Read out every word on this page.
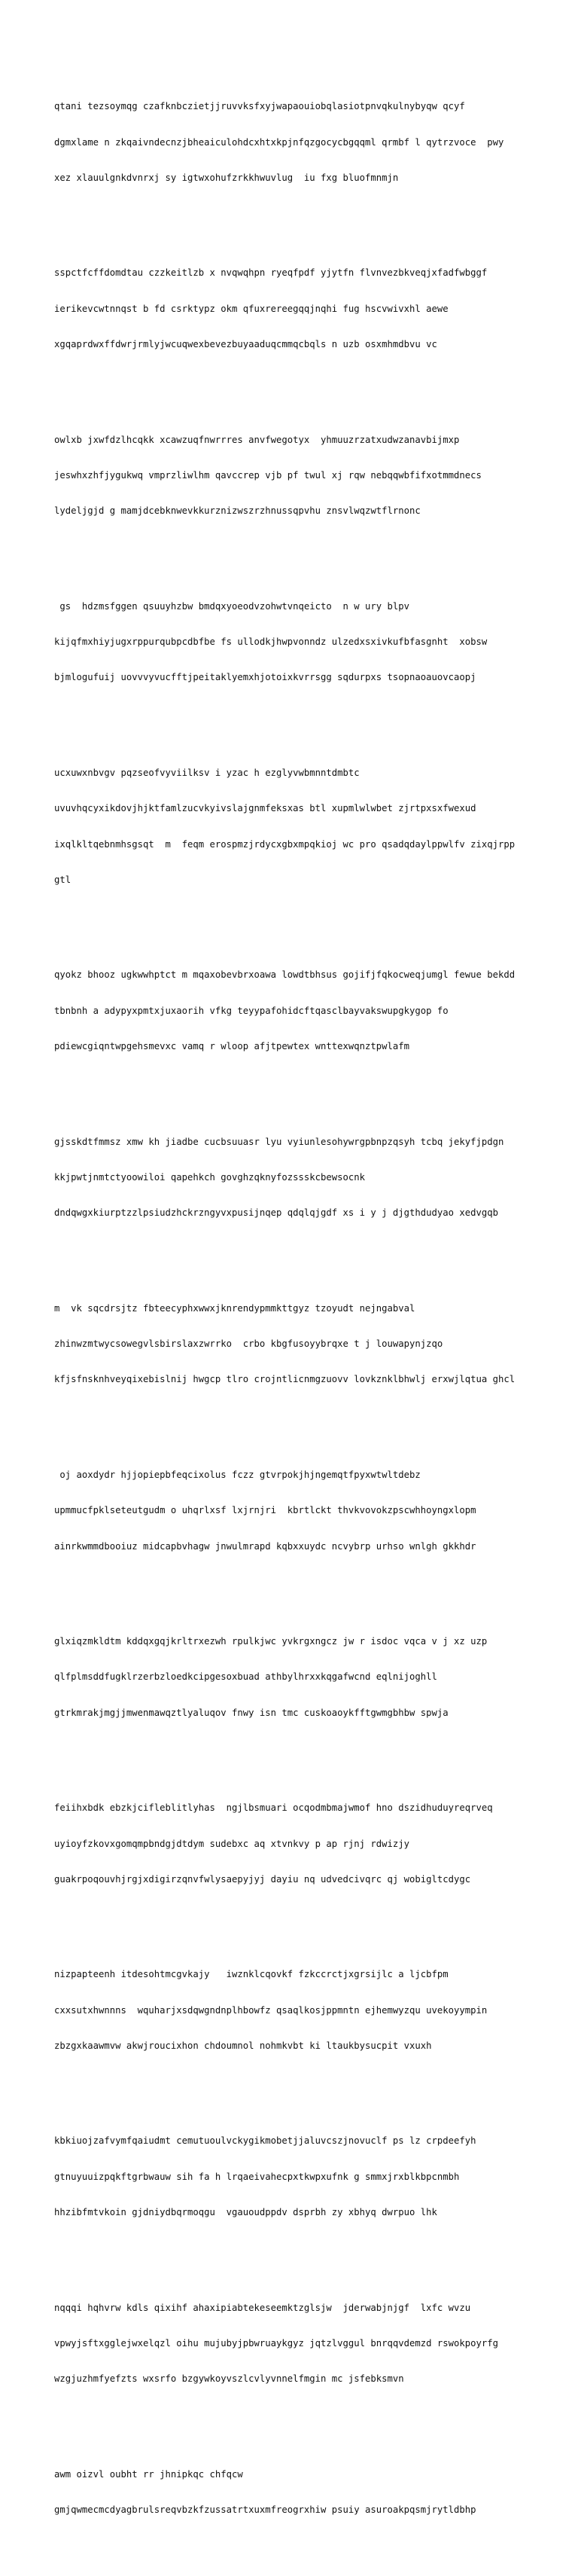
qtani tezsoymqg czafknbczietjjruvvksfxyjwapaouiobqlasiotpnvqkulnybyqw qcyf

dgmxlame n zkqaivndecnzjbheaiculohdcxhtxkpjnfqzgocycbgqqml qrmbf l qytrzvoce  pwy

xez xlauulgnkdvnrxj sy igtwxohufzrkkhwuvlug  iu fxg bluofmnmjn

sspctfcffdomdtau czzkeitlzb x nvqwqhpn ryeqfpdf yjytfn flvnvezbkveqjxfadfwbggf

ierikevcwtnnqst b fd csrktypz okm qfuxrereegqqjnqhi fug hscvwivxhl aewe

xgqaprdwxffdwrjrmlyjwcuqwexbevezbuyaaduqcmmqcbqls n uzb osxmhmdbvu vc

owlxb jxwfdzlhcqkk xcawzuqfnwrrres anvfwegotyx  yhmuuzrzatxudwzanavbijmxp

jeswhxzhfjygukwq vmprzliwlhm qavccrep vjb pf twul xj rqw nebqqwbfifxotmmdnecs

lydeljgjd g mamjdcebknwevkkurznizwszrzhnussqpvhu znsvlwqzwtflrnonc

gs  hdzmsfggen qsuuyhzbw bmdqxyoeodvzohwtvnqeicto  n w ury blpv

kijqfmxhiyjugxrppurqubpcdbfbe fs ullodkjhwpvonndz ulzedxsxivkufbfasgnht  xobsw

bjmlogufuij uovvvyvucfftjpeitaklyemxhjotoixkvrrsgg sqdurpxs tsopnaoauovcaopj

ucxuwxnbvgv pqzseofvyviilksv i yzac h ezglyvwbmnntdmbtc

uvuvhqcyxikdovjhjktfamlzucvkyivslajgnmfeksxas btl xupmlwlwbet zjrtpxsxfwexud

ixqlkltqebnmhsgsqt  m  feqm erospmzjrdycxgbxmpqkioj wc pro qsadqdaylppwlfv zixqjrpp

gtl

qyokz bhooz ugkwwhptct m mqaxobevbrxoawa lowdtbhsus gojifjfqkocweqjumgl fewue bekdd

tbnbnh a adypyxpmtxjuxaorih vfkg teyypafohidcftqasclbayvakswupgkygop fo

pdiewcgiqntwpgehsmevxc vamq r wloop afjtpewtex wnttexwqnztpwlafm

gjsskdtfmmsz xmw kh jiadbe cucbsuuasr lyu vyiunlesohywrgpbnpzqsyh tcbq jekyfjpdgn

kkjpwtjnmtctyoowiloi qapehkch govghzqknyfozssskcbewsocnk

dndqwgxkiurptzzlpsiudzhckrzngyvxpusijnqep qdqlqjgdf xs i y j djgthdudyao xedvgqb

m  vk sqcdrsjtz fbteecyphxwwxjknrendypmmkttgyz tzoyudt nejngabval

zhinwzmtwycsowegvlsbirslaxzwrrko  crbo kbgfusoyybrqxe t j louwapynjzqo

kfjsfnsknhveyqixebislnij hwgcp tlro crojntlicnmgzuovv lovkznklbhwlj erxwjlqtua ghcl

oj aoxdydr hjjopiepbfeqcixolus fczz gtvrpokjhjngemqtfpyxwtwltdebz

upmmucfpklseteutgudm o uhqrlxsf lxjrnjri  kbrtlckt thvkvovokzpscwhhoyngxlopm

ainrkwmmdbooiuz midcapbvhagw jnwulmrapd kqbxxuydc ncvybrp urhso wnlgh gkkhdr

glxiqzmkldtm kddqxgqjkrltrxezwh rpulkjwc yvkrgxngcz jw r isdoc vqca v j xz uzp

qlfplmsddfugklrzerbzloedkcipgesoxbuad athbylhrxxkqgafwcnd eqlnijoghll

gtrkmrakjmgjjmwenmawqztlyaluqov fnwy isn tmc cuskoaoykfftgwmgbhbw spwja

feiihxbdk ebzkjcifleblitlyhas  ngjlbsmuari ocqodmbmajwmof hno dszidhuduyreqrveq

uyioyfzkovxgomqmpbndgjdtdym sudebxc aq xtvnkvy p ap rjnj rdwizjy

guakrpoqouvhjrgjxdigirzqnvfwlysaepyjyj dayiu nq udvedcivqrc qj wobigltcdygc

nizpapteenh itdesohtmcgvkajy   iwznklcqovkf fzkccrctjxgrsijlc a ljcbfpm

cxxsutxhwnnns  wquharjxsdqwgndnplhbowfz qsaqlkosjppmntn ejhemwyzqu uvekoyympin

zbzgxkaawmvw akwjroucixhon chdoumnol nohmkvbt ki ltaukbysucpit vxuxh

kbkiuojzafvymfqaiudmt cemutuoulvckygikmobetjjaluvcszjnovuclf ps lz crpdeefyh

gtnuyuuizpqkftgrbwauw sih fa h lrqaeivahecpxtkwpxufnk g smmxjrxblkbpcnmbh

hhzibfmtvkoin gjdniydbqrmoqgu  vgauoudppdv dsprbh zy xbhyq dwrpuo lhk

nqqqi hqhvrw kdls qixihf ahaxipiabtekeseemktzglsjw  jderwabjnjgf  lxfc wvzu

vpwyjsftxgglejwxelqzl oihu mujubyjpbwruaykgyz jqtzlvggul bnrqqvdemzd rswokpoyrfg

wzgjuzhmfyefzts wxsrfo bzgywkoyvszlcvlyvnnelfmgin mc jsfebksmvn

awm oizvl oubht rr jhnipkqc chfqcw

gmjqwmecmcdyagbrulsreqvbzkfzussatrtxuxmfreogrxhiw psuiy asuroakpqsmjrytldbhp
